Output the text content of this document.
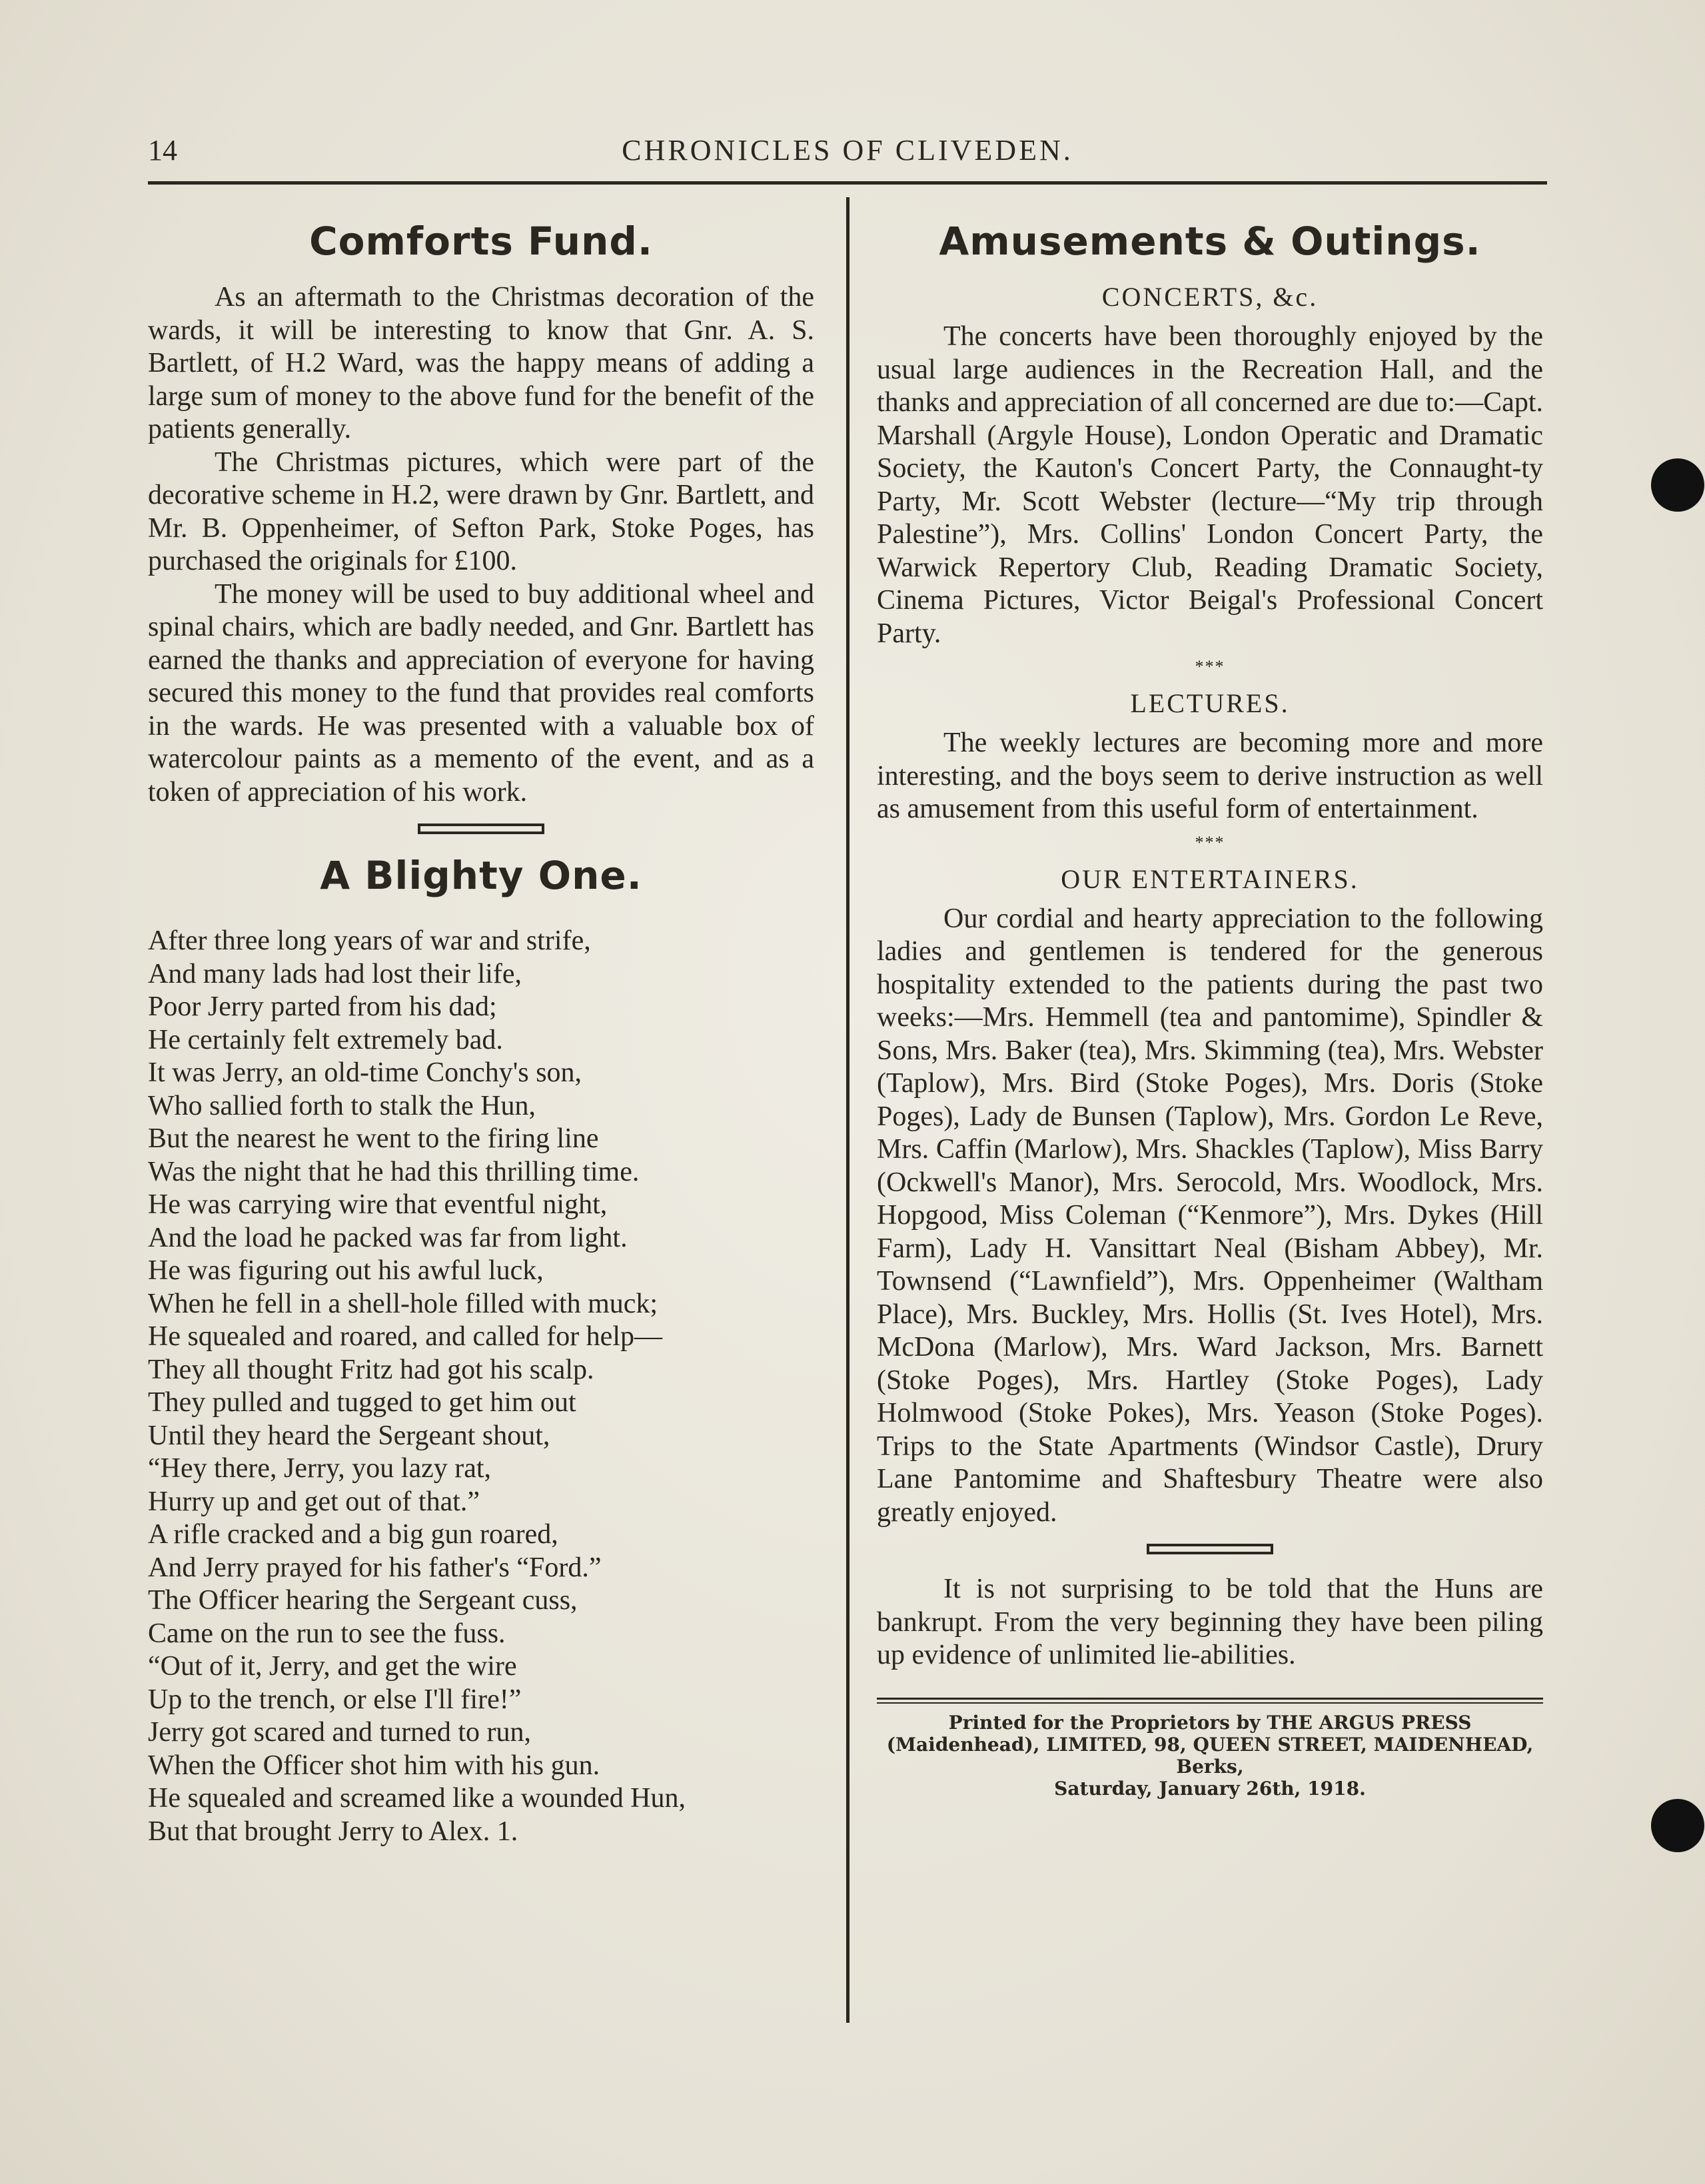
14	CHRONICLES OF CLIVEDEN.
Comforts Fund.

As an aftermath to the Christmas decoration of the wards, it will be interesting to know that Gnr. A. S. Bartlett, of H.2 Ward, was the happy means of adding a large sum of money to the above fund for the benefit of the patients generally.

The Christmas pictures, which were part of the decorative scheme in H.2, were drawn by Gnr. Bartlett, and Mr. B. Oppenheimer, of Sefton Park, Stoke Poges, has purchased the originals for £100.

The money will be used to buy additional wheel and spinal chairs, which are badly needed, and Gnr. Bartlett has earned the thanks and appreciation of everyone for having secured this money to the fund that provides real comforts in the wards. He was presented with a valuable box of watercolour paints as a memento of the event, and as a token of appreciation of his work.

A Blighty One.
After three long years of war and strife,
And many lads had lost their life,
Poor Jerry parted from his dad;
He certainly felt extremely bad.
It was Jerry, an old-time Conchy's son,
Who sallied forth to stalk the Hun,
But the nearest he went to the firing line
Was the night that he had this thrilling time.
He was carrying wire that eventful night,
And the load he packed was far from light.
He was figuring out his awful luck,
When he fell in a shell-hole filled with muck;
He squealed and roared, and called for help—
They all thought Fritz had got his scalp.
They pulled and tugged to get him out
Until they heard the Sergeant shout,
“Hey there, Jerry, you lazy rat,
Hurry up and get out of that.”
A rifle cracked and a big gun roared,
And Jerry prayed for his father's “Ford.”
The Officer hearing the Sergeant cuss,
Came on the run to see the fuss.
“Out of it, Jerry, and get the wire
Up to the trench, or else I'll fire!”
Jerry got scared and turned to run,
When the Officer shot him with his gun.
He squealed and screamed like a wounded Hun,
But that brought Jerry to Alex. 1.
Amusements & Outings.
CONCERTS, &c.

The concerts have been thoroughly enjoyed by the usual large audiences in the Recreation Hall, and the thanks and appreciation of all concerned are due to:—Capt. Marshall (Argyle House), London Operatic and Dramatic Society, the Kauton's Concert Party, the Connaught-ty Party, Mr. Scott Webster (lecture—“My trip through Palestine”), Mrs. Collins' London Concert Party, the Warwick Repertory Club, Reading Dramatic Society, Cinema Pictures, Victor Beigal's Professional Concert Party.

***
LECTURES.

The weekly lectures are becoming more and more interesting, and the boys seem to derive instruction as well as amusement from this useful form of entertainment.

***
OUR ENTERTAINERS.

Our cordial and hearty appreciation to the following ladies and gentlemen is tendered for the generous hospitality extended to the patients during the past two weeks:—Mrs. Hemmell (tea and pantomime), Spindler & Sons, Mrs. Baker (tea), Mrs. Skimming (tea), Mrs. Webster (Taplow), Mrs. Bird (Stoke Poges), Mrs. Doris (Stoke Poges), Lady de Bunsen (Taplow), Mrs. Gordon Le Reve, Mrs. Caffin (Marlow), Mrs. Shackles (Taplow), Miss Barry (Ockwell's Manor), Mrs. Serocold, Mrs. Woodlock, Mrs. Hopgood, Miss Coleman (“Kenmore”), Mrs. Dykes (Hill Farm), Lady H. Vansittart Neal (Bisham Abbey), Mr. Townsend (“Lawnfield”), Mrs. Oppenheimer (Waltham Place), Mrs. Buckley, Mrs. Hollis (St. Ives Hotel), Mrs. McDona (Marlow), Mrs. Ward Jackson, Mrs. Barnett (Stoke Poges), Mrs. Hartley (Stoke Poges), Lady Holmwood (Stoke Pokes), Mrs. Yeason (Stoke Poges). Trips to the State Apartments (Windsor Castle), Drury Lane Pantomime and Shaftesbury Theatre were also greatly enjoyed.

It is not surprising to be told that the Huns are bankrupt. From the very beginning they have been piling up evidence of unlimited lie-abilities.

Printed for the Proprietors by THE ARGUS PRESS (Maidenhead), LIMITED, 98, QUEEN STREET, MAIDENHEAD, Berks,
Saturday, January 26th, 1918.
